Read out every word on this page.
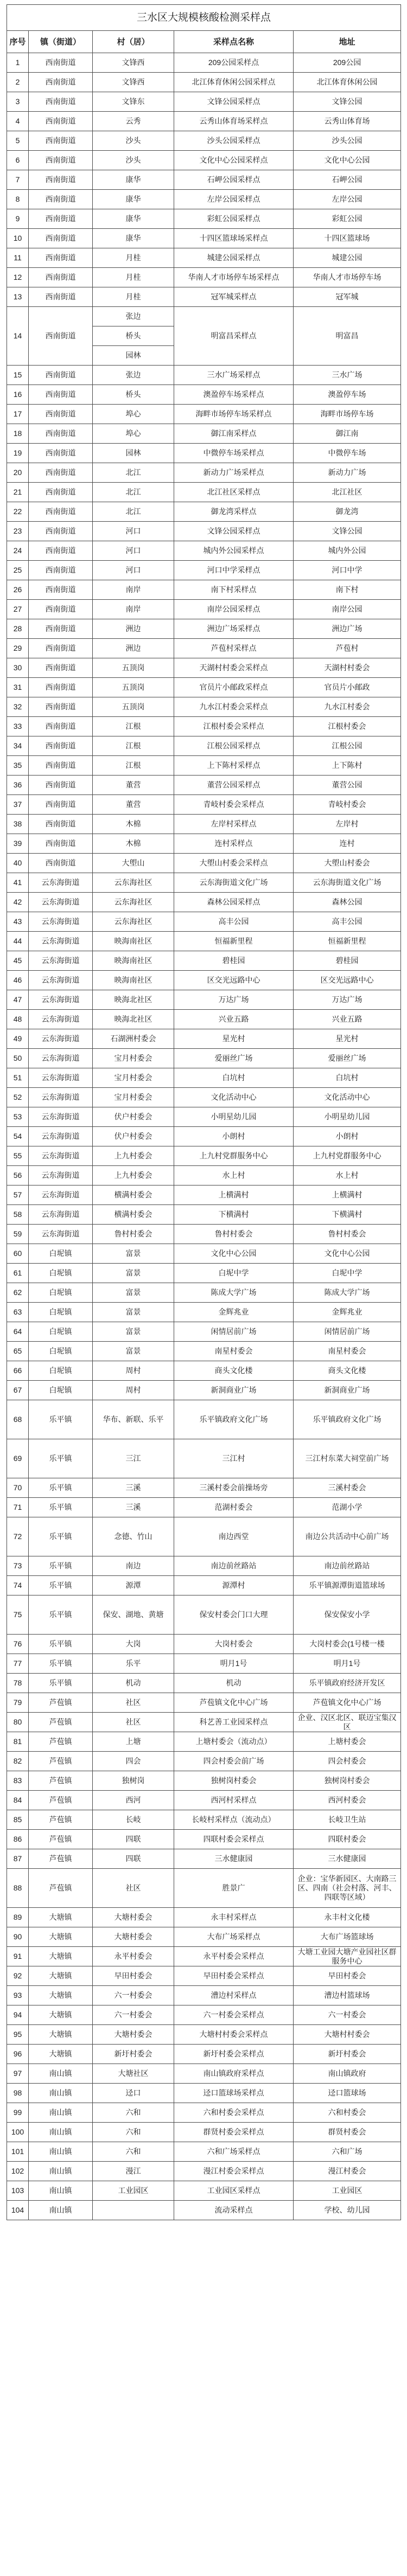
三水区大规模核酸检测采样点				
序号	镇（街道）	村（居）	采样点名称	地址
1	西南街道	文锋西	209公园采样点	209公园
2	西南街道	文锋西	北江体育休闲公园采样点	北江体育休闲公园
3	西南街道	文锋东	文锋公园采样点	文锋公园
4	西南街道	云秀	云秀山体育场采样点	云秀山体育场
5	西南街道	沙头	沙头公园采样点	沙头公园
6	西南街道	沙头	文化中心公园采样点	文化中心公园
7	西南街道	康华	石岬公园采样点	石岬公园
8	西南街道	康华	左岸公园采样点	左岸公园
9	西南街道	康华	彩虹公园采样点	彩虹公园
10	西南街道	康华	十四区篮球场采样点	十四区篮球场
11	西南街道	月桂	城建公园采样点	城建公园
12	西南街道	月桂	华南人才市场停车场采样点	华南人才市场停车场
13	西南街道	月桂	冠军城采样点	冠军城
14	西南街道	张边	明富昌采样点	明富昌
		桥头		
		园林		
15	西南街道	张边	三水广场采样点	三水广场
16	西南街道	桥头	澳盈停车场采样点	澳盈停车场
17	西南街道	埠心	海畔市场停车场采样点	海畔市场停车场
18	西南街道	埠心	御江南采样点	御江南
19	西南街道	园林	中微停车场采样点	中微停车场
20	西南街道	北江	新动力广场采样点	新动力广场
21	西南街道	北江	北江社区采样点	北江社区
22	西南街道	北江	御龙湾采样点	御龙湾
23	西南街道	河口	文锋公园采样点	文锋公园
24	西南街道	河口	城内外公园采样点	城内外公园
25	西南街道	河口	河口中学采样点	河口中学
26	西南街道	南岸	南下村采样点	南下村
27	西南街道	南岸	南岸公园采样点	南岸公园
28	西南街道	洲边	洲边广场采样点	洲边广场
29	西南街道	洲边	芦苞村采样点	芦苞村
30	西南街道	五顶岗	天湖村村委会采样点	天湖村村委会
31	西南街道	五顶岗	官员片小邮政采样点	官员片小邮政
32	西南街道	五顶岗	九水江村委会采样点	九水江村委会
33	西南街道	江根	江根村委会采样点	江根村委会
34	西南街道	江根	江根公园采样点	江根公园
35	西南街道	江根	上下陈村采样点	上下陈村
36	西南街道	董营	董营公园采样点	董营公园
37	西南街道	董营	青岐村委会采样点	青岐村委会
38	西南街道	木棉	左岸村采样点	左岸村
39	西南街道	木棉	连村采样点	连村
40	西南街道	大塱山	大塱山村委会采样点	大塱山村委会
41	云东海街道	云东海社区	云东海街道文化广场	云东海街道文化广场
42	云东海街道	云东海社区	森林公园采样点	森林公园
43	云东海街道	云东海社区	高丰公园	高丰公园
44	云东海街道	映海南社区	恒福新里程	恒福新里程
45	云东海街道	映海南社区	碧桂园	碧桂园
46	云东海街道	映海南社区	区交光远路中心	区交光远路中心
47	云东海街道	映海北社区	万达广场	万达广场
48	云东海街道	映海北社区	兴业五路	兴业五路
49	云东海街道	石湖洲村委会	星光村	星光村
50	云东海街道	宝月村委会	爱丽丝广场	爱丽丝广场
51	云东海街道	宝月村委会	白坑村	白坑村
52	云东海街道	宝月村委会	文化活动中心	文化活动中心
53	云东海街道	伏户村委会	小明星幼儿园	小明星幼儿园
54	云东海街道	伏户村委会	小朗村	小朗村
55	云东海街道	上九村委会	上九村党群服务中心	上九村党群服务中心
56	云东海街道	上九村委会	水上村	水上村
57	云东海街道	横满村委会	上横满村	上横满村
58	云东海街道	横满村委会	下横满村	下横满村
59	云东海街道	鲁村村委会	鲁村村委会	鲁村村委会
60	白坭镇	富景	文化中心公园	文化中心公园
61	白坭镇	富景	白坭中学	白坭中学
62	白坭镇	富景	陈成大学广场	陈成大学广场
63	白坭镇	富景	金辉兆业	金辉兆业
64	白坭镇	富景	闲情居前广场	闲情居前广场
65	白坭镇	富景	南星村委会	南星村委会
66	白坭镇	周村	商头文化楼	商头文化楼
67	白坭镇	周村	新洞商业广场	新洞商业广场
68	乐平镇	华布、新联、乐平	乐平镇政府文化广场	乐平镇政府文化广场
69	乐平镇	三江	三江村	三江村东菜大祠堂前广场
70	乐平镇	三溪	三溪村委会前操场旁	三溪村委会
71	乐平镇	三溪	范湖村委会	范湖小学
72	乐平镇	念德、竹山	南边西堂	南边公共活动中心前广场
73	乐平镇	南边	南边前丝路站	南边前丝路站
74	乐平镇	源潭	源潭村	乐平镇源潭街道篮球场
75	乐平镇	保安、湖地、黄塘	保安村委会门口大理	保安保安小学
76	乐平镇	大岗	大岗村委会	大岗村委会(1号楼一楼
77	乐平镇	乐平	明月1号	明月1号
78	乐平镇	机动	机动	乐平镇政府经济开发区
79	芦苞镇	社区	芦苞镇文化中心广场	芦苞镇文化中心广场
80	芦苞镇	社区	科艺善工业园采样点	企业、汉区北区、联迈宝集汉区
81	芦苞镇	上塘	上塘村委会（流动点）	上塘村委会
82	芦苞镇	四会	四会村委会前广场	四会村委会
83	芦苞镇	独树岗	独树岗村委会	独树岗村委会
84	芦苞镇	西河	西河村采样点	西河村委会
85	芦苞镇	长岐	长岐村采样点（流动点）	长岐卫生站
86	芦苞镇	四联	四联村委会采样点	四联村委会
87	芦苞镇	四联	三水健康园	三水健康园
88	芦苞镇	社区	胜景广	企业：宝华新园区、大南路三区、四南（社会村落、河丰、四联等区域）
89	大塘镇	大塘村委会	永丰村采样点	永丰村文化楼
90	大塘镇	大塘村委会	大布广场采样点	大布广场篮球场
91	大塘镇	永平村委会	永平村委会采样点	大塘工业园大塘产业园社区群服务中心
92	大塘镇	早田村委会	早田村委会采样点	早田村委会
93	大塘镇	六一村委会	漕边村采样点	漕边村篮球场
94	大塘镇	六一村委会	六一村委会采样点	六一村委会
95	大塘镇	大塘村委会	大塘村村委会采样点	大塘村村委会
96	大塘镇	新圩村委会	新圩村委会采样点	新圩村委会
97	南山镇	大塘社区	南山镇政府采样点	南山镇政府
98	南山镇	迳口	迳口篮球场采样点	迳口篮球场
99	南山镇	六和	六和村委会采样点	六和村委会
100	南山镇	六和	群贤村委会采样点	群贤村委会
101	南山镇	六和	六和广场采样点	六和广场
102	南山镇	漫江	漫江村委会采样点	漫江村委会
103	南山镇	工业园区	工业园区采样点	工业园区
104	南山镇		流动采样点	学校、幼儿园
